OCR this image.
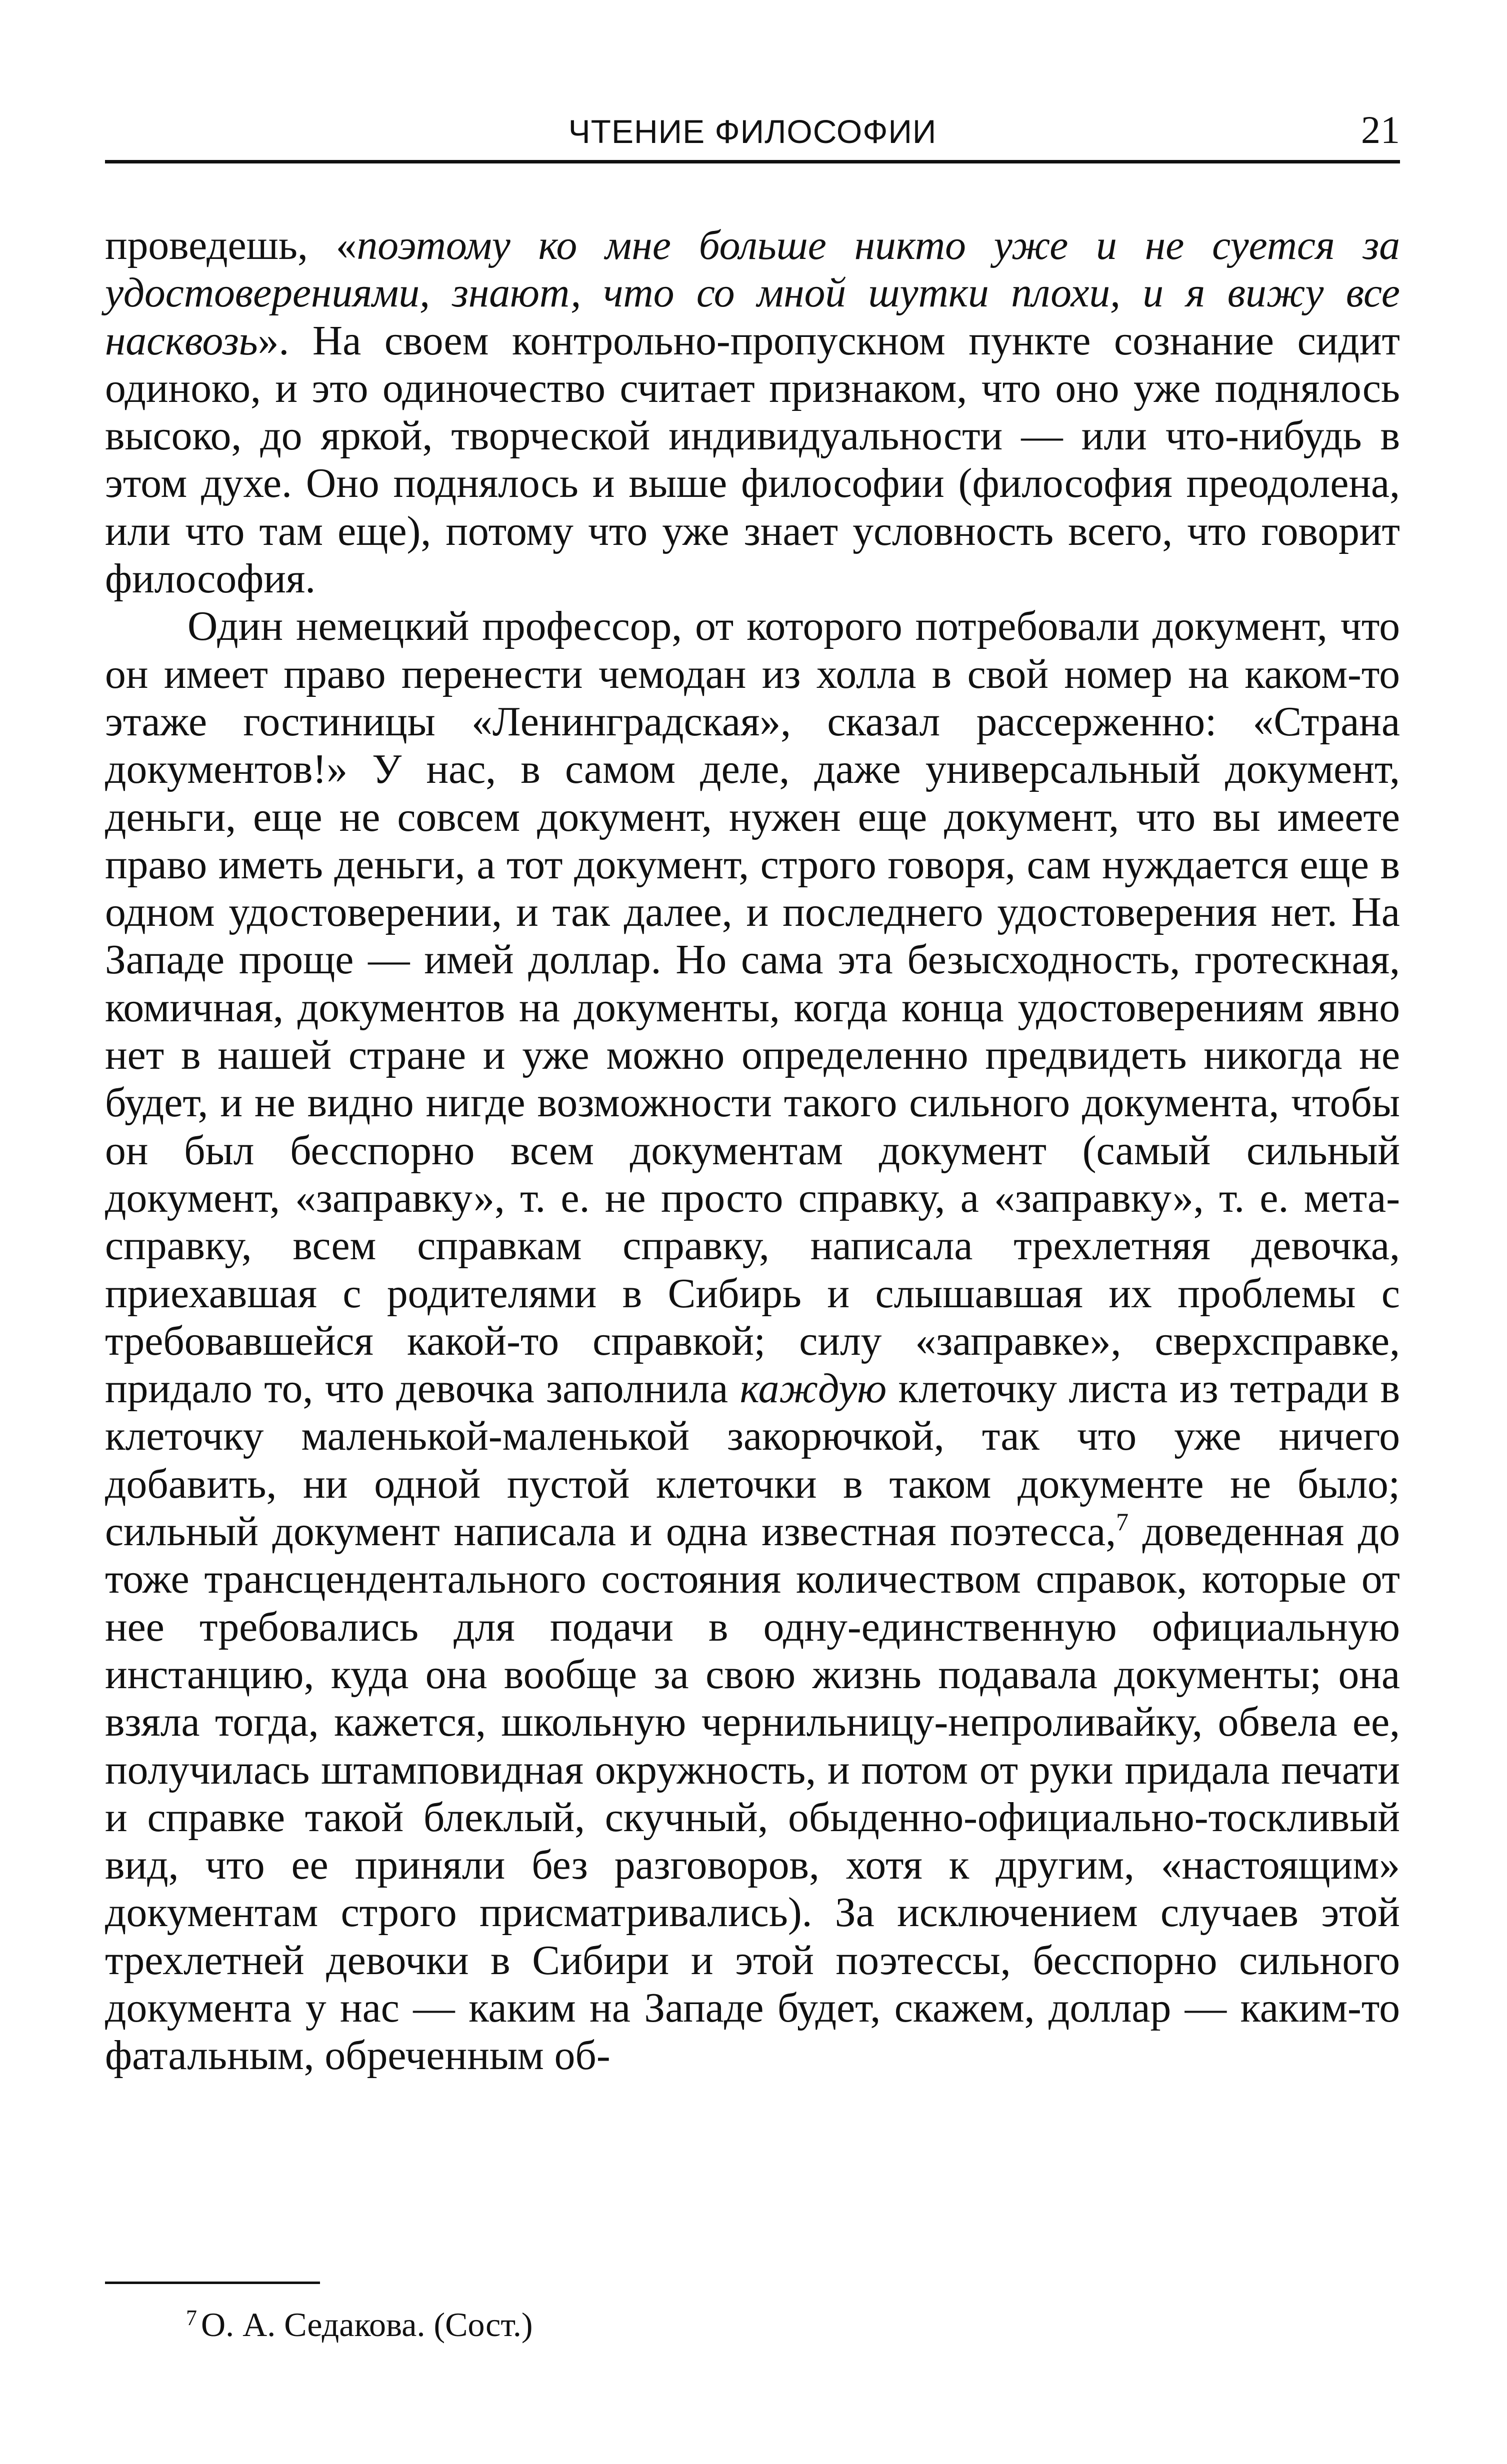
ЧТЕНИЕ ФИЛОСОФИИ	21

проведешь, «поэтому ко мне больше никто уже и не суется за удостоверениями, знают, что со мной шутки плохи, и я вижу все насквозь». На своем контрольно-пропускном пункте сознание сидит одиноко, и это одиночество считает признаком, что оно уже поднялось высоко, до яркой, творческой индивидуальности — или что-нибудь в этом духе. Оно поднялось и выше философии (философия преодолена, или что там еще), потому что уже знает условность всего, что говорит философия.

Один немецкий профессор, от которого потребовали документ, что он имеет право перенести чемодан из холла в свой номер на каком-то этаже гостиницы «Ленинградская», сказал рассерженно: «Страна документов!» У нас, в самом деле, даже универсальный документ, деньги, еще не совсем документ, нужен еще документ, что вы имеете право иметь деньги, а тот документ, строго говоря, сам нуждается еще в одном удостоверении, и так далее, и последнего удостоверения нет. На Западе проще — имей доллар. Но сама эта безысходность, гротескная, комичная, документов на документы, когда конца удостоверениям явно нет в нашей стране и уже можно определенно предвидеть никогда не будет, и не видно нигде возможности такого сильного документа, чтобы он был бесспорно всем документам документ (самый сильный документ, «заправку», т. е. не просто справку, а «заправку», т. е. мета-справку, всем справкам справку, написала трехлетняя девочка, приехавшая с родителями в Сибирь и слышавшая их проблемы с требовавшейся какой-то справкой; силу «заправке», сверхсправке, придало то, что девочка заполнила каждую клеточку листа из тетради в клеточку маленькой-маленькой закорючкой, так что уже ничего добавить, ни одной пустой клеточки в таком документе не было; сильный документ написала и одна известная поэтесса,$^7$ доведенная до тоже трансцендентального состояния количеством справок, которые от нее требовались для подачи в одну-единственную официальную инстанцию, куда она вообще за свою жизнь подавала документы; она взяла тогда, кажется, школьную чернильницу-непроливайку, обвела ее, получилась штамповидная окружность, и потом от руки придала печати и справке такой блеклый, скучный, обыденно-официально-тоскливый вид, что ее приняли без разговоров, хотя к другим, «настоящим» документам строго присматривались). За исключением случаев этой трехлетней девочки в Сибири и этой поэтессы, бесспорно сильного документа у нас — каким на Западе будет, скажем, доллар — каким-то фатальным, обреченным об-

$^7$ О. А. Седакова. (Сост.)
